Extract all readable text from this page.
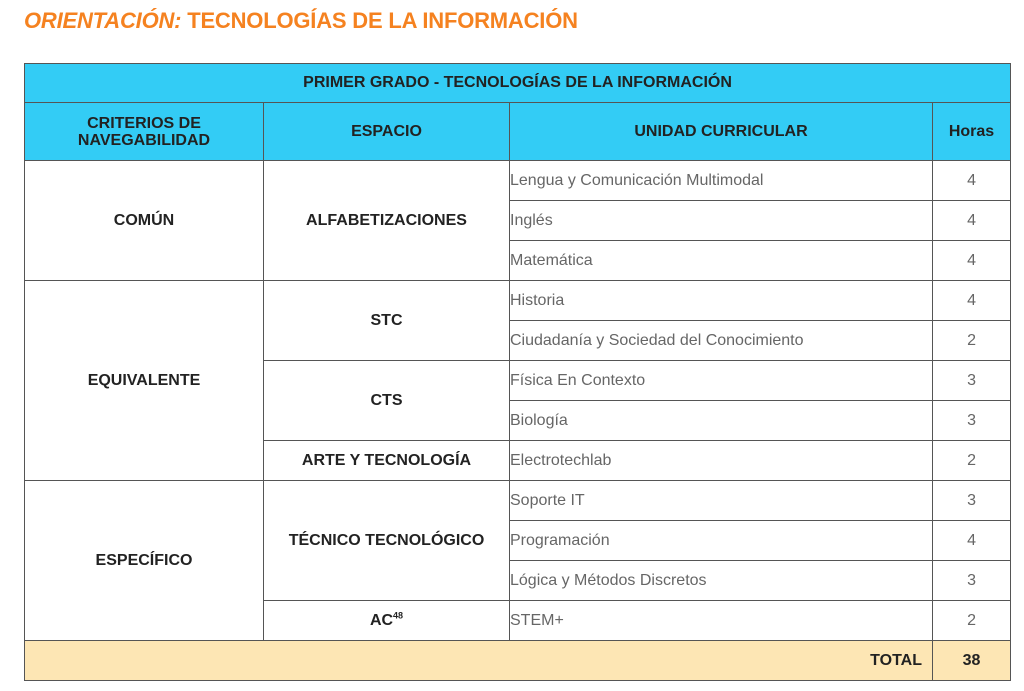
ORIENTACIÓN: TECNOLOGÍAS DE LA INFORMACIÓN
PRIMER GRADO - TECNOLOGÍAS DE LA INFORMACIÓN			
CRITERIOS DE NAVEGABILIDAD	ESPACIO	UNIDAD CURRICULAR	Horas
COMÚN	ALFABETIZACIONES	Lengua y Comunicación Multimodal	4
		Inglés	4
		Matemática	4
EQUIVALENTE	STC	Historia	4
		Ciudadanía y Sociedad del Conocimiento	2
	CTS	Física En Contexto	3
		Biología	3
	ARTE Y TECNOLOGÍA	Electrotechlab	2
ESPECÍFICO	TÉCNICO TECNOLÓGICO	Soporte IT	3
		Programación	4
		Lógica y Métodos Discretos	3
	AC$^{48}$	STEM+	2
TOTAL			38
